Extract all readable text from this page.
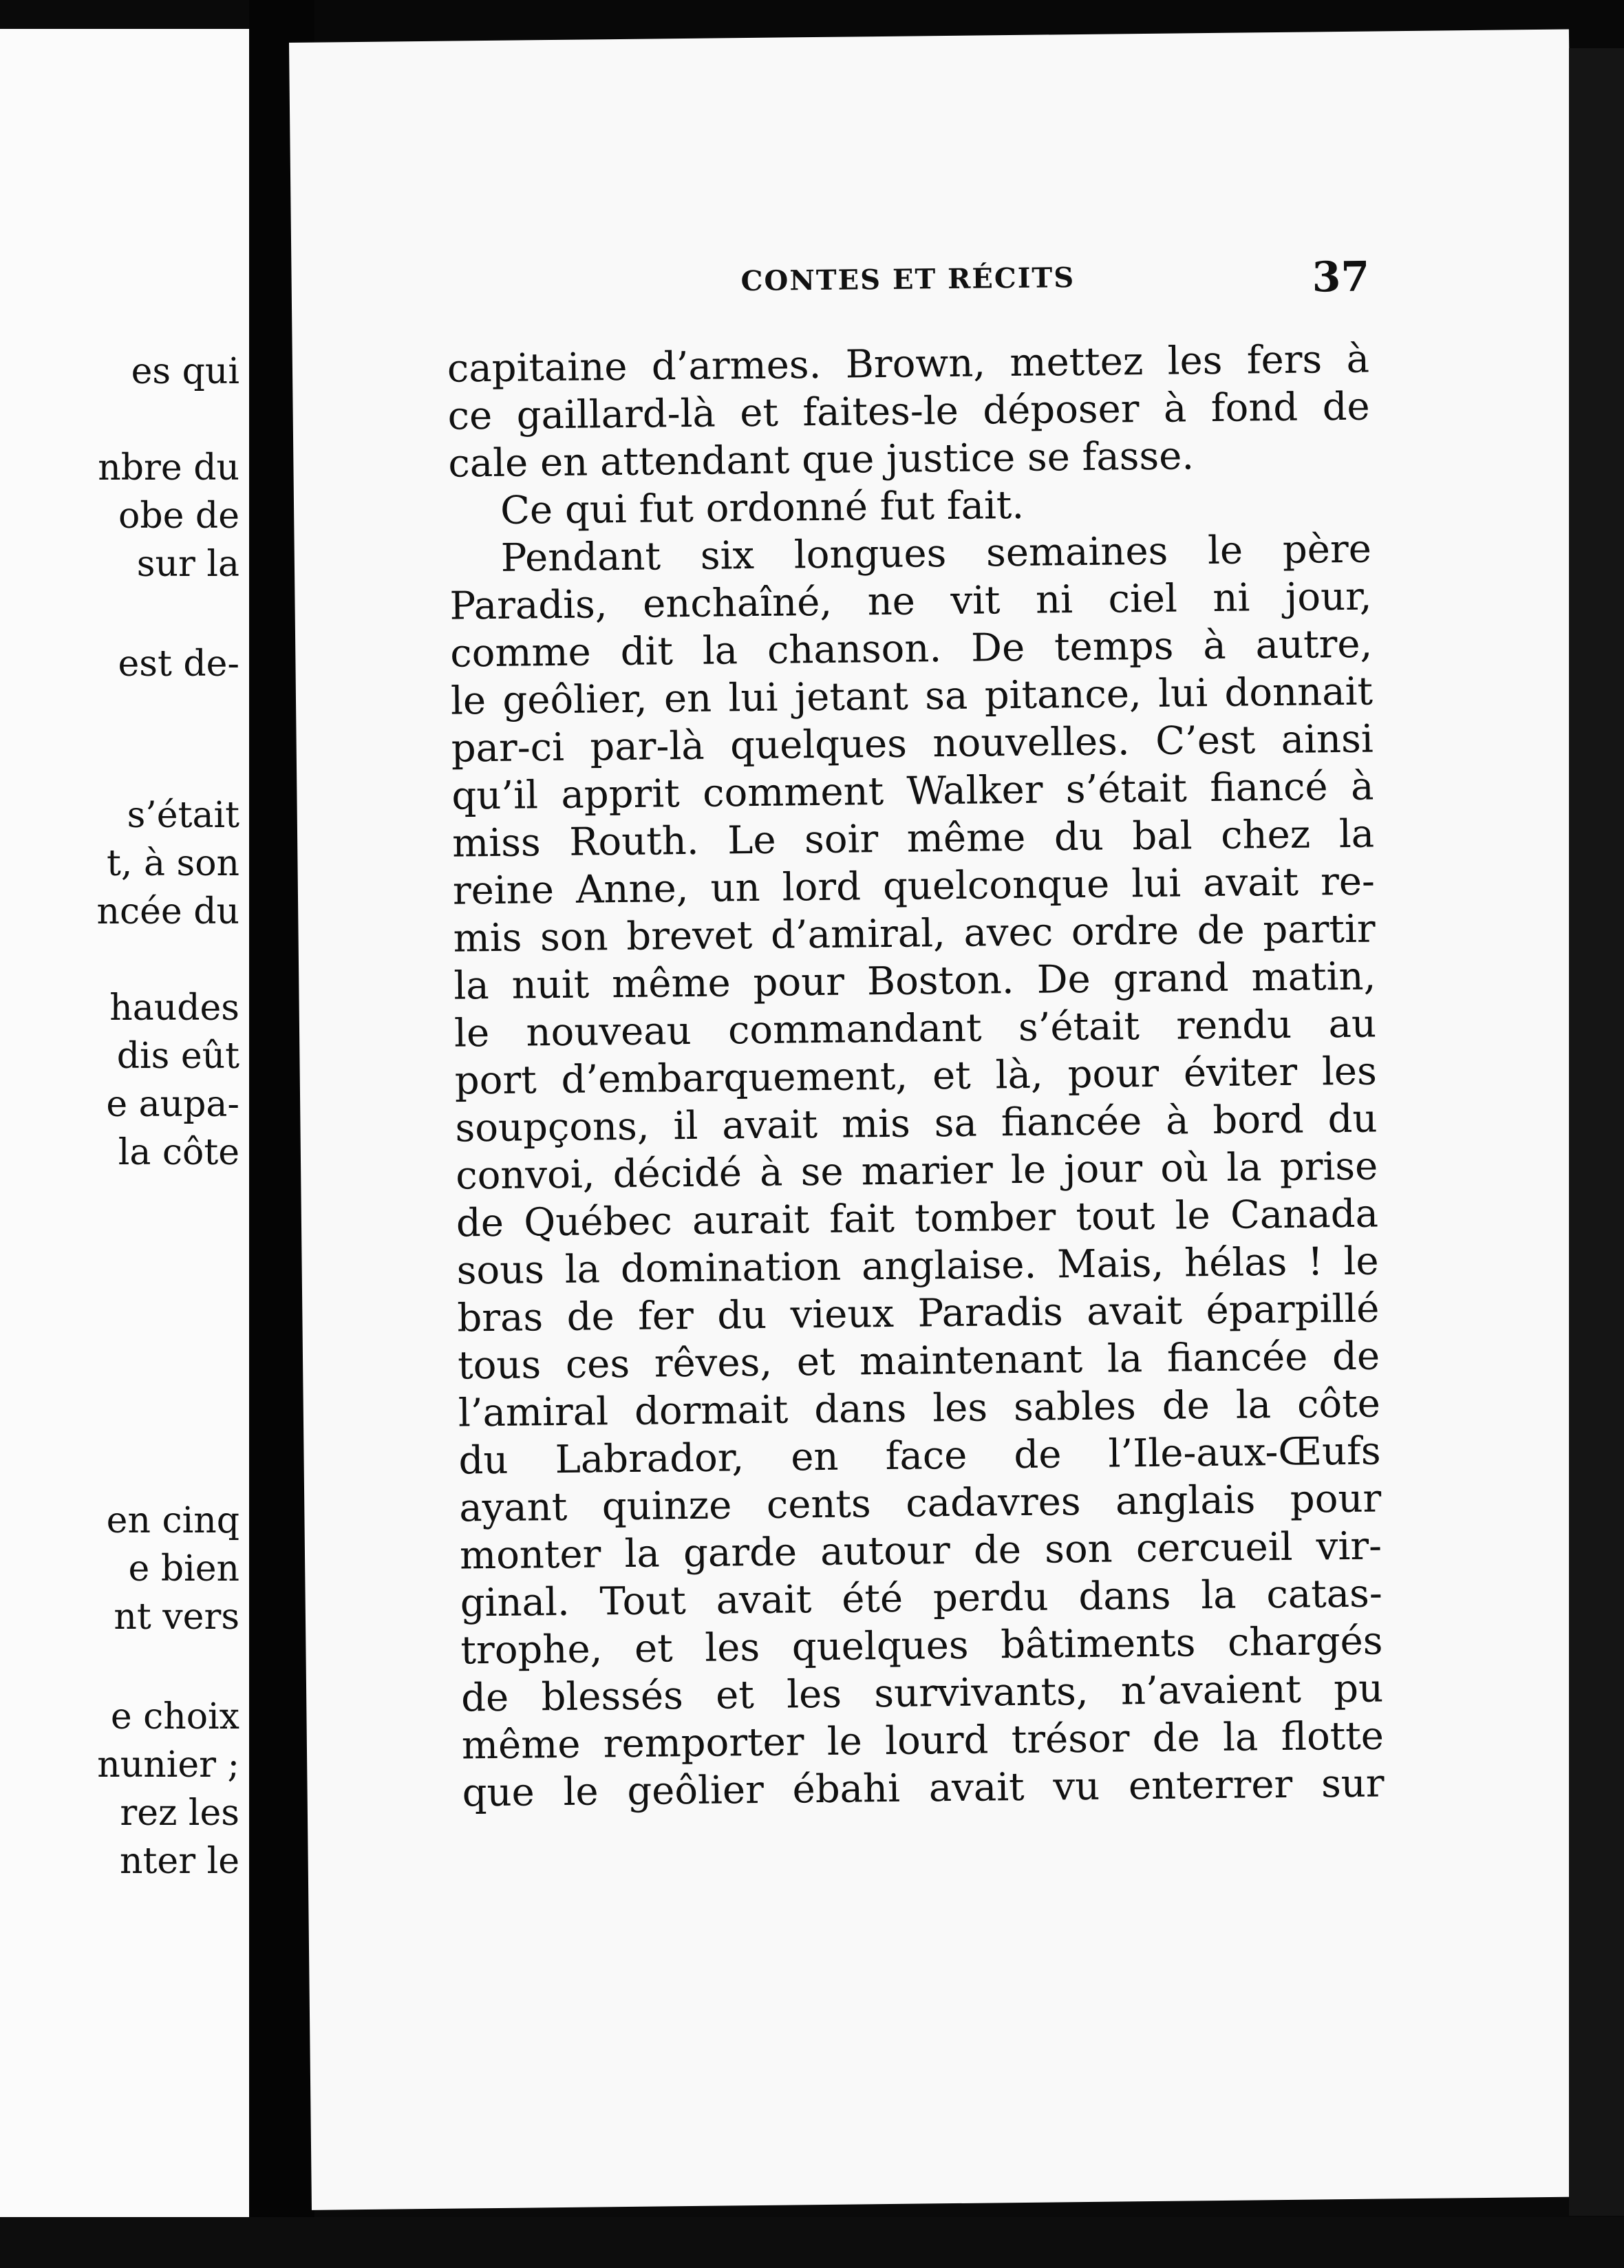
es qui
nbre du
obe de
sur la
est de-
s’était
t, à son
ncée du
haudes
dis eût
e aupa-
la côte
en cinq
e bien
nt vers
e choix
nunier ;
rez les
nter le
CONTES ET RÉCITS	37
capitaine d’armes. Brown, mettez les fers à
ce gaillard-là et faites-le déposer à fond de
cale en attendant que justice se fasse.
Ce qui fut ordonné fut fait.
Pendant six longues semaines le père
Paradis, enchaîné, ne vit ni ciel ni jour,
comme dit la chanson. De temps à autre,
le geôlier, en lui jetant sa pitance, lui donnait
par-ci par-là quelques nouvelles. C’est ainsi
qu’il apprit comment Walker s’était fiancé à
miss Routh. Le soir même du bal chez la
reine Anne, un lord quelconque lui avait re-
mis son brevet d’amiral, avec ordre de partir
la nuit même pour Boston. De grand matin,
le nouveau commandant s’était rendu au
port d’embarquement, et là, pour éviter les
soupçons, il avait mis sa fiancée à bord du
convoi, décidé à se marier le jour où la prise
de Québec aurait fait tomber tout le Canada
sous la domination anglaise. Mais, hélas ! le
bras de fer du vieux Paradis avait éparpillé
tous ces rêves, et maintenant la fiancée de
l’amiral dormait dans les sables de la côte
du Labrador, en face de l’Ile-aux-Œufs
ayant quinze cents cadavres anglais pour
monter la garde autour de son cercueil vir-
ginal. Tout avait été perdu dans la catas-
trophe, et les quelques bâtiments chargés
de blessés et les survivants, n’avaient pu
même remporter le lourd trésor de la flotte
que le geôlier ébahi avait vu enterrer sur
